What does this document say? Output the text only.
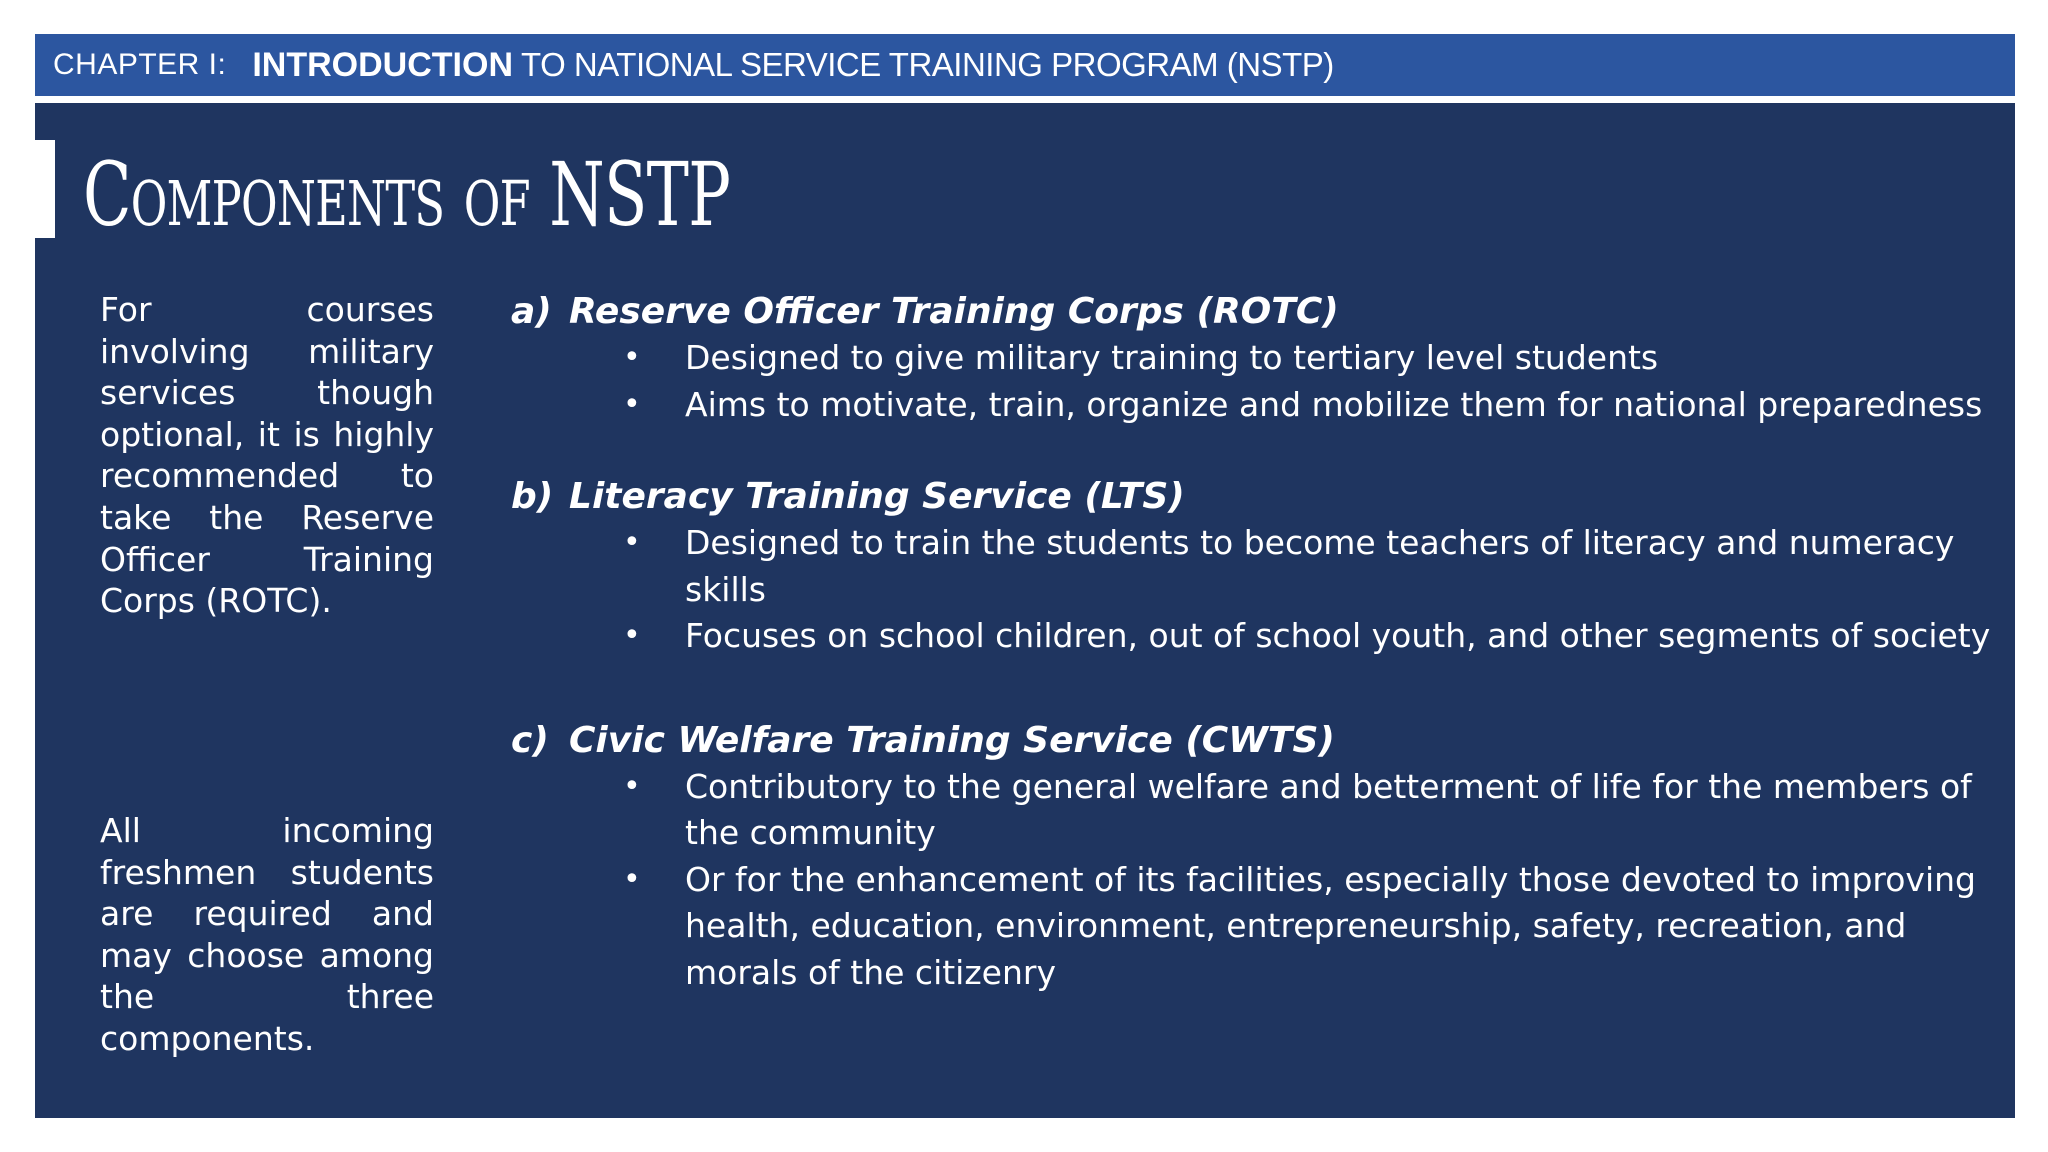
CHAPTER I: INTRODUCTION TO NATIONAL SERVICE TRAINING PROGRAM (NSTP)
Components of NSTP

For courses involving military services though optional, it is highly recommended to take the Reserve Officer Training Corps (ROTC).

All incoming freshmen students are required and may choose among the three components.

a) Reserve Officer Training Corps (ROTC)
• Designed to give military training to tertiary level students
• Aims to motivate, train, organize and mobilize them for national preparedness
b) Literacy Training Service (LTS)
• Designed to train the students to become teachers of literacy and numeracy skills
• Focuses on school children, out of school youth, and other segments of society
c) Civic Welfare Training Service (CWTS)
• Contributory to the general welfare and betterment of life for the members of the community
• Or for the enhancement of its facilities, especially those devoted to improving health, education, environment, entrepreneurship, safety, recreation, and morals of the citizenry
